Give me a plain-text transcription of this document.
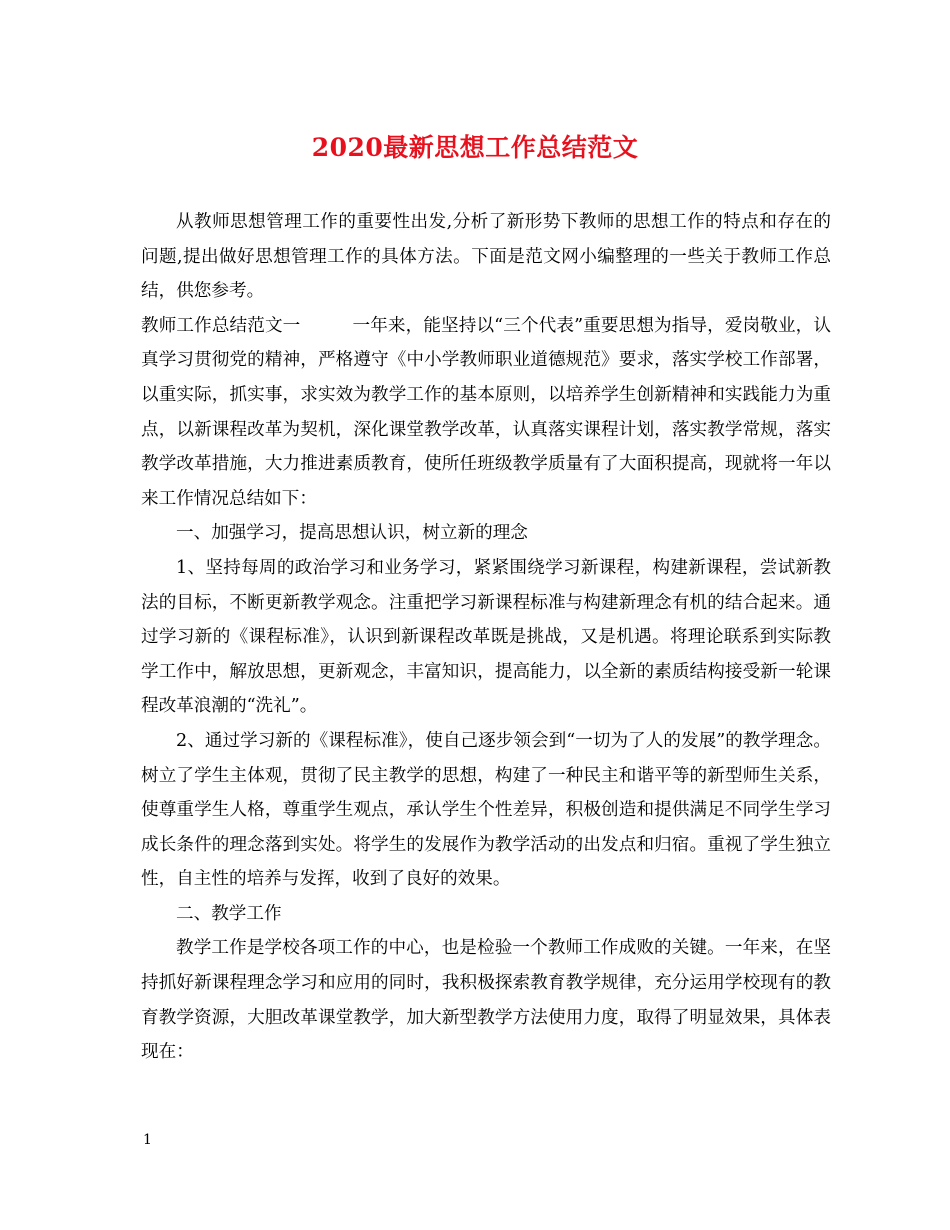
2020最新思想工作总结范文

从教师思想管理工作的重要性出发,分析了新形势下教师的思想工作的特点和存在的问题,提出做好思想管理工作的具体方法。下面是范文网小编整理的一些关于教师工作总结，供您参考。

教师工作总结范文一	一年来，能坚持以“三个代表”重要思想为指导，爱岗敬业，认真学习贯彻党的精神，严格遵守《中小学教师职业道德规范》要求，落实学校工作部署，以重实际，抓实事，求实效为教学工作的基本原则，以培养学生创新精神和实践能力为重点，以新课程改革为契机，深化课堂教学改革，认真落实课程计划，落实教学常规，落实教学改革措施，大力推进素质教育，使所任班级教学质量有了大面积提高，现就将一年以来工作情况总结如下：

一、加强学习，提高思想认识，树立新的理念

1、坚持每周的政治学习和业务学习，紧紧围绕学习新课程，构建新课程，尝试新教法的目标，不断更新教学观念。注重把学习新课程标准与构建新理念有机的结合起来。通过学习新的《课程标准》，认识到新课程改革既是挑战，又是机遇。将理论联系到实际教学工作中，解放思想，更新观念，丰富知识，提高能力，以全新的素质结构接受新一轮课程改革浪潮的“洗礼”。

2、通过学习新的《课程标准》，使自己逐步领会到“一切为了人的发展”的教学理念。树立了学生主体观，贯彻了民主教学的思想，构建了一种民主和谐平等的新型师生关系，使尊重学生人格，尊重学生观点，承认学生个性差异，积极创造和提供满足不同学生学习成长条件的理念落到实处。将学生的发展作为教学活动的出发点和归宿。重视了学生独立性，自主性的培养与发挥，收到了良好的效果。

二、教学工作

教学工作是学校各项工作的中心，也是检验一个教师工作成败的关键。一年来，在坚持抓好新课程理念学习和应用的同时，我积极探索教育教学规律，充分运用学校现有的教育教学资源，大胆改革课堂教学，加大新型教学方法使用力度，取得了明显效果，具体表现在：

1
